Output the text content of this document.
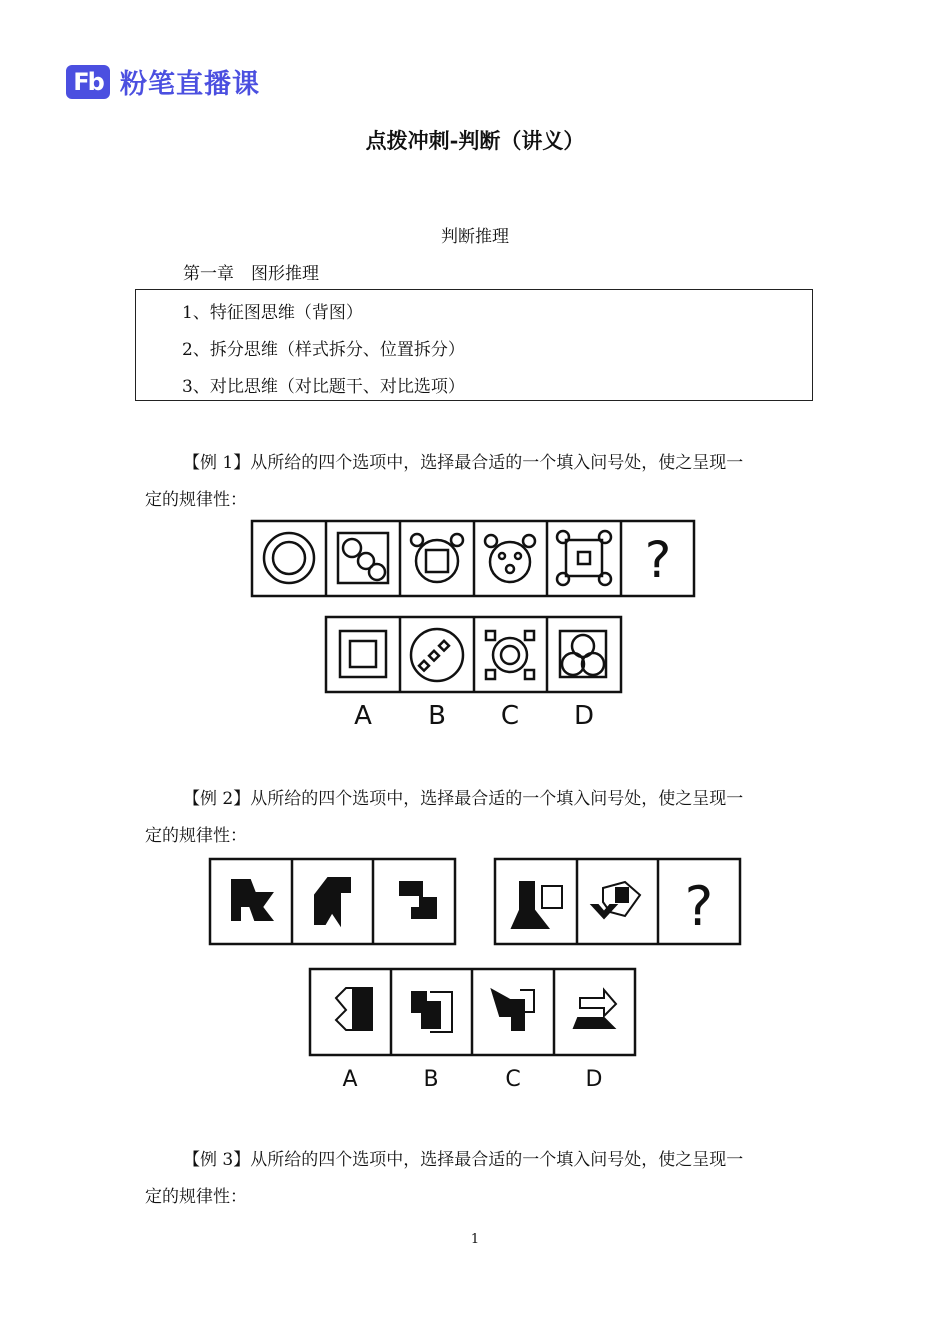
Fb 粉笔直播课
点拨冲刺-判断（讲义）
判断推理
第一章　图形推理
1、特征图思维（背图）
2、拆分思维（样式拆分、位置拆分）
3、对比思维（对比题干、对比选项）
【例 1】从所给的四个选项中，选择最合适的一个填入问号处，使之呈现一
定的规律性：
?
A B C D
?
A	B	C	D
【例 2】从所给的四个选项中，选择最合适的一个填入问号处，使之呈现一
定的规律性：
【例 3】从所给的四个选项中，选择最合适的一个填入问号处，使之呈现一
定的规律性：
1
